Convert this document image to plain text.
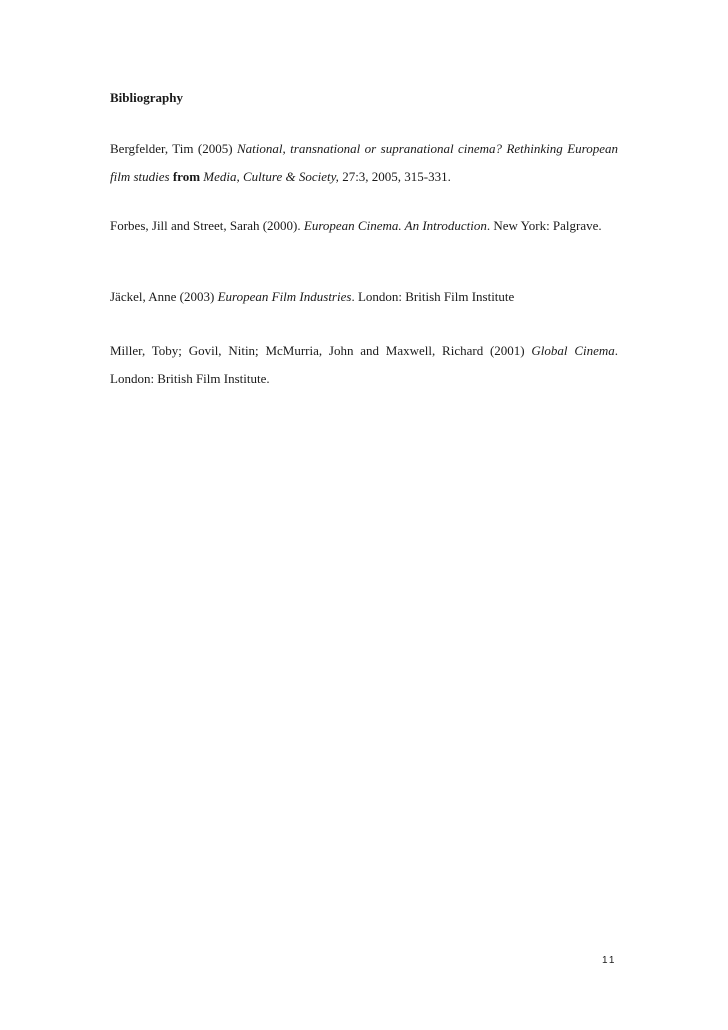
Bibliography
Bergfelder, Tim (2005) National, transnational or supranational cinema? Rethinking European film studies from Media, Culture & Society, 27:3, 2005, 315-331.
Forbes, Jill and Street, Sarah (2000). European Cinema. An Introduction. New York: Palgrave.
Jäckel, Anne (2003) European Film Industries. London: British Film Institute
Miller, Toby; Govil, Nitin; McMurria, John and Maxwell, Richard (2001) Global Cinema. London: British Film Institute.
11
